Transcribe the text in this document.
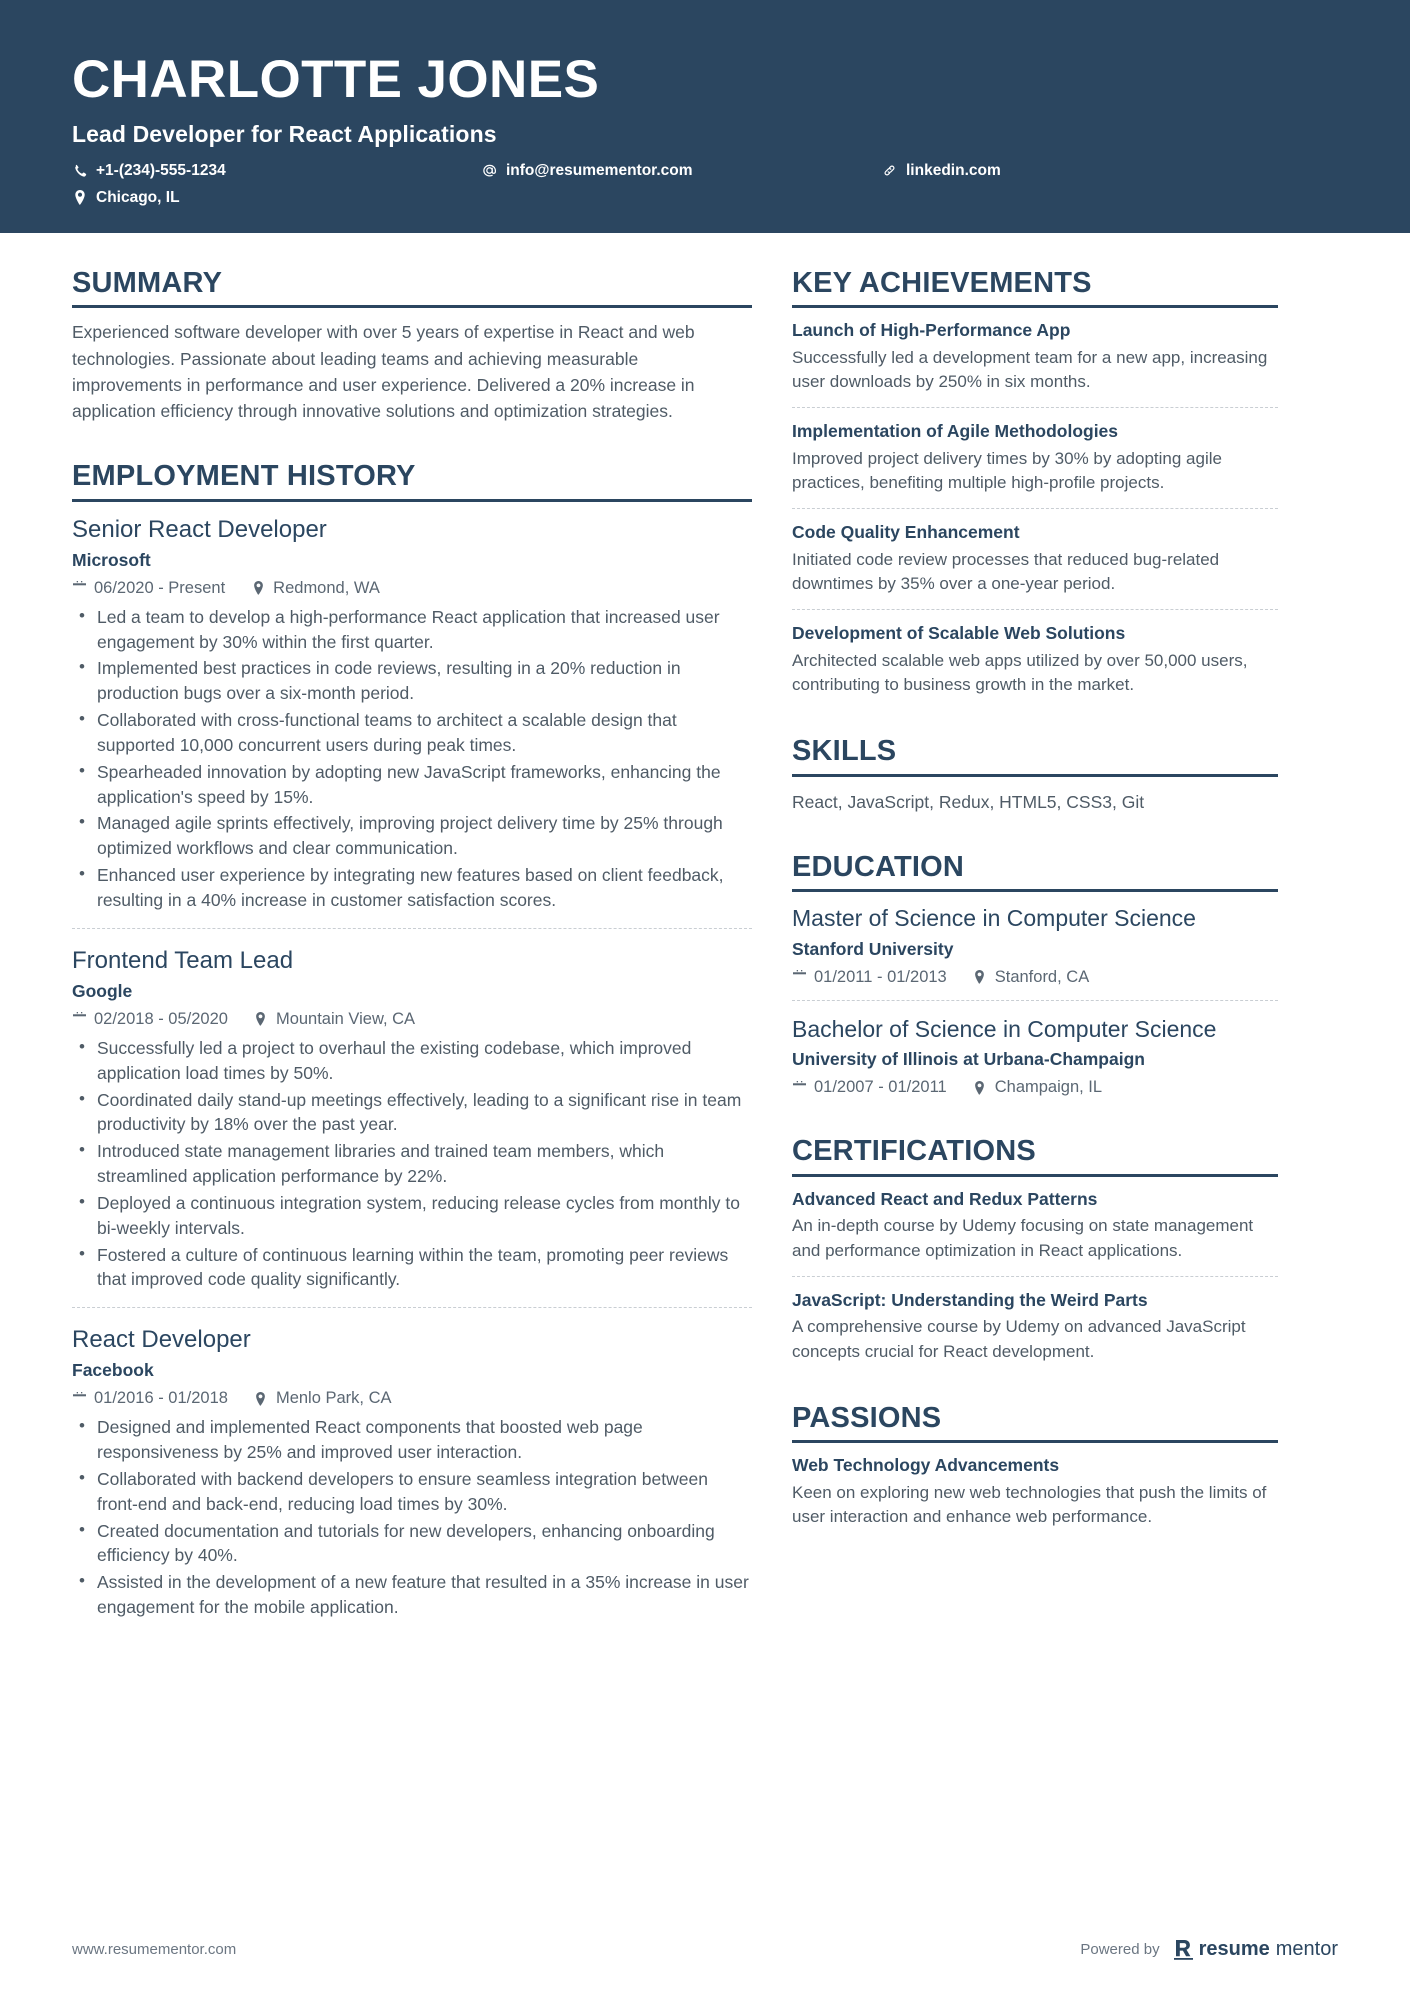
CHARLOTTE JONES
Lead Developer for React Applications
+1-(234)-555-1234
Chicago, IL
info@resumementor.com	linkedin.com
SUMMARY
Experienced software developer with over 5 years of expertise in React and web technologies. Passionate about leading teams and achieving measurable improvements in performance and user experience. Delivered a 20% increase in application efficiency through innovative solutions and optimization strategies.
EMPLOYMENT HISTORY
Senior React Developer
Microsoft
06/2020 - Present	Redmond, WA
• Led a team to develop a high-performance React application that increased user engagement by 30% within the first quarter.
• Implemented best practices in code reviews, resulting in a 20% reduction in production bugs over a six-month period.
• Collaborated with cross-functional teams to architect a scalable design that supported 10,000 concurrent users during peak times.
• Spearheaded innovation by adopting new JavaScript frameworks, enhancing the application's speed by 15%.
• Managed agile sprints effectively, improving project delivery time by 25% through optimized workflows and clear communication.
• Enhanced user experience by integrating new features based on client feedback, resulting in a 40% increase in customer satisfaction scores.
Frontend Team Lead
Google
02/2018 - 05/2020	Mountain View, CA
• Successfully led a project to overhaul the existing codebase, which improved application load times by 50%.
• Coordinated daily stand-up meetings effectively, leading to a significant rise in team productivity by 18% over the past year.
• Introduced state management libraries and trained team members, which streamlined application performance by 22%.
• Deployed a continuous integration system, reducing release cycles from monthly to bi-weekly intervals.
• Fostered a culture of continuous learning within the team, promoting peer reviews that improved code quality significantly.
React Developer
Facebook
01/2016 - 01/2018	Menlo Park, CA
• Designed and implemented React components that boosted web page responsiveness by 25% and improved user interaction.
• Collaborated with backend developers to ensure seamless integration between front-end and back-end, reducing load times by 30%.
• Created documentation and tutorials for new developers, enhancing onboarding efficiency by 40%.
• Assisted in the development of a new feature that resulted in a 35% increase in user engagement for the mobile application.
KEY ACHIEVEMENTS
Launch of High-Performance App
Successfully led a development team for a new app, increasing user downloads by 250% in six months.
Implementation of Agile Methodologies
Improved project delivery times by 30% by adopting agile practices, benefiting multiple high-profile projects.
Code Quality Enhancement
Initiated code review processes that reduced bug-related downtimes by 35% over a one-year period.
Development of Scalable Web Solutions
Architected scalable web apps utilized by over 50,000 users, contributing to business growth in the market.
SKILLS
React, JavaScript, Redux, HTML5, CSS3, Git
EDUCATION
Master of Science in Computer Science
Stanford University
01/2011 - 01/2013	Stanford, CA
Bachelor of Science in Computer Science
University of Illinois at Urbana-Champaign
01/2007 - 01/2011	Champaign, IL
CERTIFICATIONS
Advanced React and Redux Patterns
An in-depth course by Udemy focusing on state management and performance optimization in React applications.
JavaScript: Understanding the Weird Parts
A comprehensive course by Udemy on advanced JavaScript concepts crucial for React development.
PASSIONS
Web Technology Advancements
Keen on exploring new web technologies that push the limits of user interaction and enhance web performance.
www.resumementor.com	Powered by resume mentor
